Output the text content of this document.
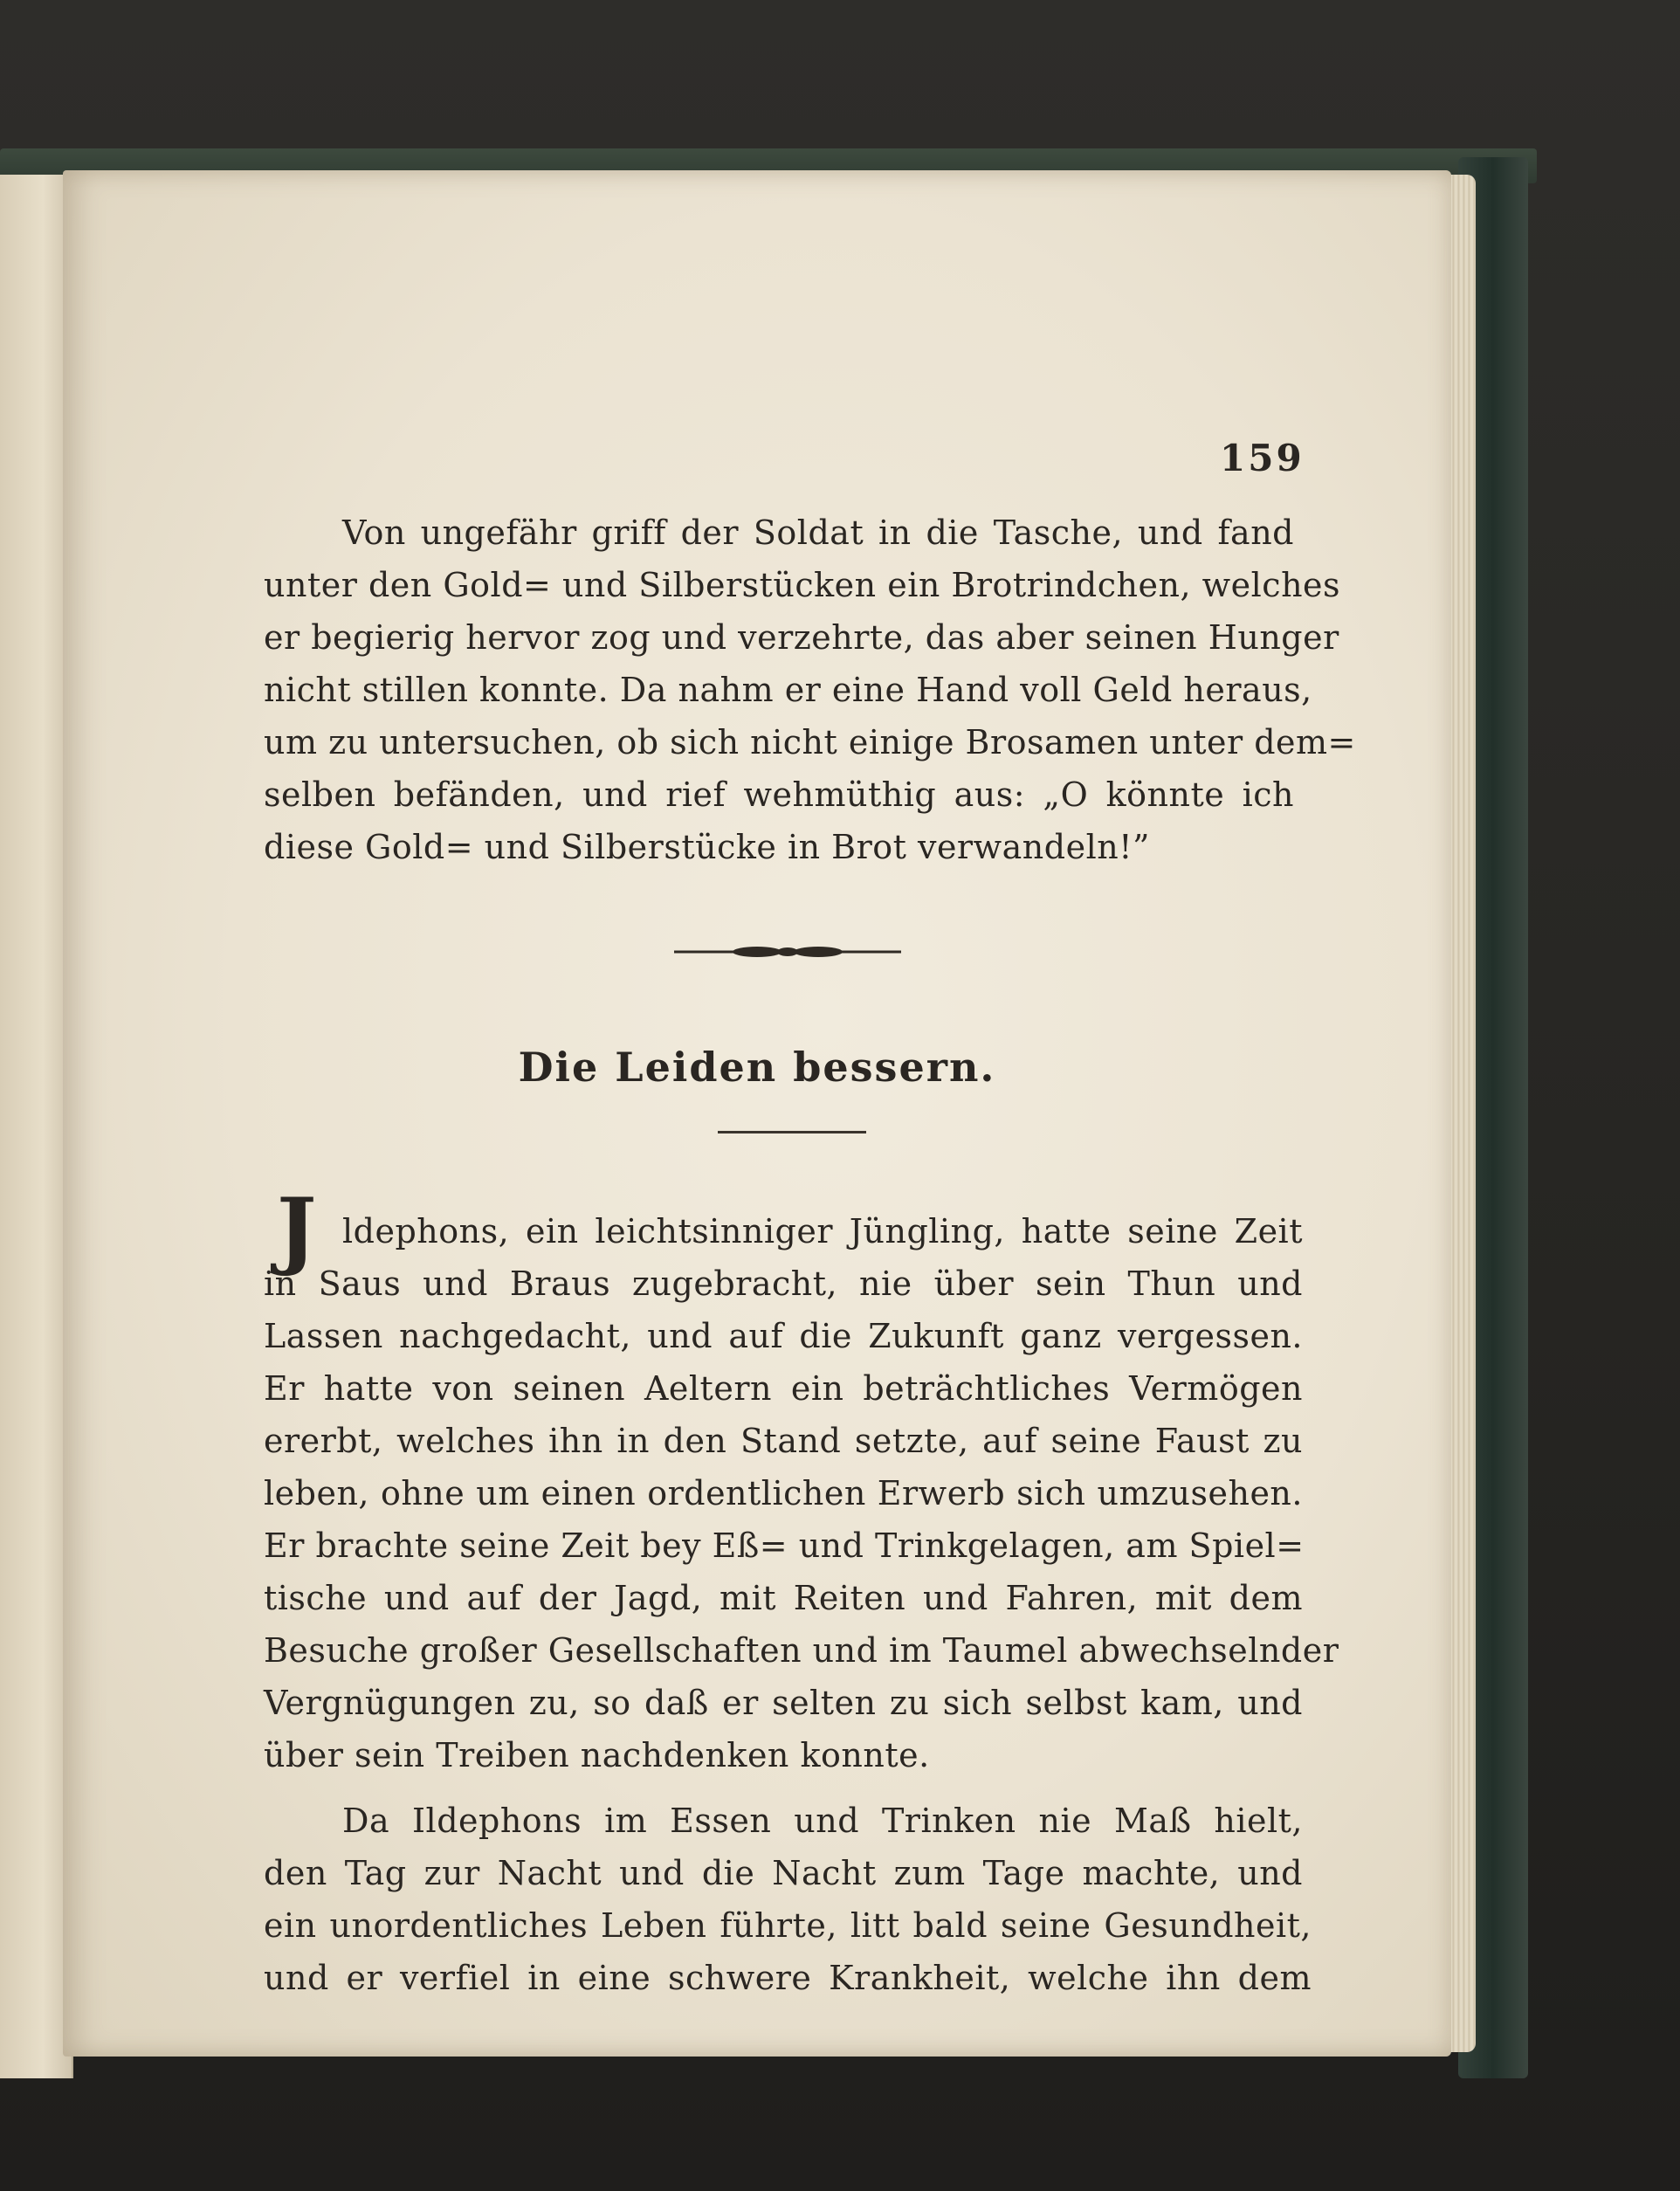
159
Von ungefähr griff der Soldat in die Tasche, und fand
unter den Gold= und Silberstücken ein Brotrindchen, welches
er begierig hervor zog und verzehrte, das aber seinen Hunger
nicht stillen konnte. Da nahm er eine Hand voll Geld heraus,
um zu untersuchen, ob sich nicht einige Brosamen unter dem=
selben befänden, und rief wehmüthig aus: „O könnte ich
diese Gold= und Silberstücke in Brot verwandeln!”
Die Leiden bessern.
J ldephons, ein leichtsinniger Jüngling, hatte seine Zeit
in Saus und Braus zugebracht, nie über sein Thun und
Lassen nachgedacht, und auf die Zukunft ganz vergessen.
Er hatte von seinen Aeltern ein beträchtliches Vermögen
ererbt, welches ihn in den Stand setzte, auf seine Faust zu
leben, ohne um einen ordentlichen Erwerb sich umzusehen.
Er brachte seine Zeit bey Eß= und Trinkgelagen, am Spiel=
tische und auf der Jagd, mit Reiten und Fahren, mit dem
Besuche großer Gesellschaften und im Taumel abwechselnder
Vergnügungen zu, so daß er selten zu sich selbst kam, und
über sein Treiben nachdenken konnte.
Da Ildephons im Essen und Trinken nie Maß hielt,
den Tag zur Nacht und die Nacht zum Tage machte, und
ein unordentliches Leben führte, litt bald seine Gesundheit,
und er verfiel in eine schwere Krankheit, welche ihn dem
